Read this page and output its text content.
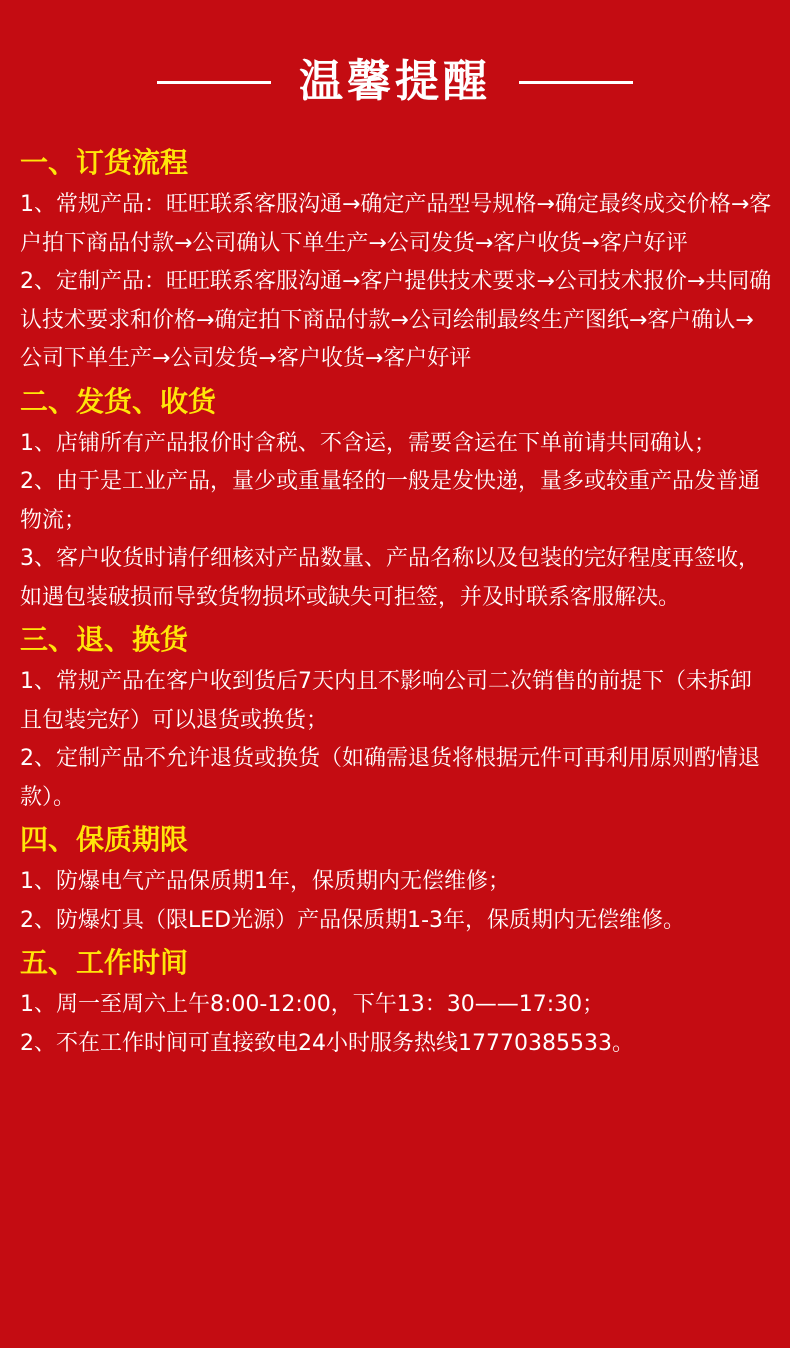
温馨提醒
一、订货流程

1、常规产品：旺旺联系客服沟通→确定产品型号规格→确定最终成交价格→客户拍下商品付款→公司确认下单生产→公司发货→客户收货→客户好评

2、定制产品：旺旺联系客服沟通→客户提供技术要求→公司技术报价→共同确认技术要求和价格→确定拍下商品付款→公司绘制最终生产图纸→客户确认→公司下单生产→公司发货→客户收货→客户好评

二、发货、收货

1、店铺所有产品报价时含税、不含运，需要含运在下单前请共同确认；

2、由于是工业产品，量少或重量轻的一般是发快递，量多或较重产品发普通物流；

3、客户收货时请仔细核对产品数量、产品名称以及包装的完好程度再签收，如遇包装破损而导致货物损坏或缺失可拒签，并及时联系客服解决。

三、退、换货

1、常规产品在客户收到货后7天内且不影响公司二次销售的前提下（未拆卸且包装完好）可以退货或换货；

2、定制产品不允许退货或换货（如确需退货将根据元件可再利用原则酌情退款）。

四、保质期限

1、防爆电气产品保质期1年，保质期内无偿维修；

2、防爆灯具（限LED光源）产品保质期1-3年，保质期内无偿维修。

五、工作时间

1、周一至周六上午8:00-12:00，下午13：30——17:30；

2、不在工作时间可直接致电24小时服务热线17770385533。
